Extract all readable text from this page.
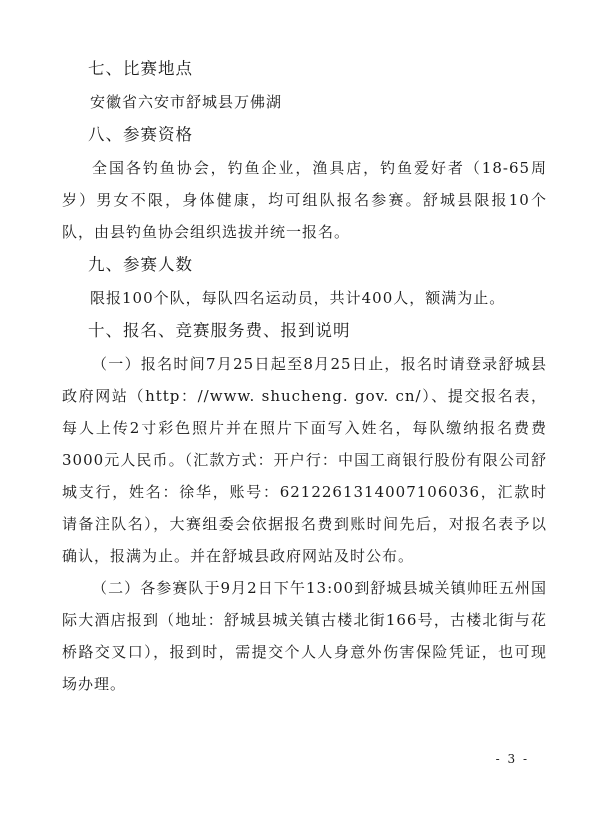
七、比赛地点

安徽省六安市舒城县万佛湖

八、参赛资格

全国各钓鱼协会，钓鱼企业，渔具店，钓鱼爱好者（18-65周岁）男女不限，身体健康，均可组队报名参赛。舒城县限报10个队，由县钓鱼协会组织选拔并统一报名。

九、参赛人数

限报100个队，每队四名运动员，共计400人，额满为止。

十、报名、竞赛服务费、报到说明

（一）报名时间7月25日起至8月25日止，报名时请登录舒城县政府网站（http：//www. shucheng. gov. cn/）、提交报名表，每人上传2寸彩色照片并在照片下面写入姓名，每队缴纳报名费费3000元人民币。（汇款方式：开户行：中国工商银行股份有限公司舒城支行，姓名：徐华，账号：6212261314007106036，汇款时请备注队名），大赛组委会依据报名费到账时间先后，对报名表予以确认，报满为止。并在舒城县政府网站及时公布。

（二）各参赛队于9月2日下午13:00到舒城县城关镇帅旺五州国际大酒店报到（地址：舒城县城关镇古楼北街166号，古楼北街与花桥路交叉口），报到时，需提交个人人身意外伤害保险凭证，也可现场办理。

- 3 -
